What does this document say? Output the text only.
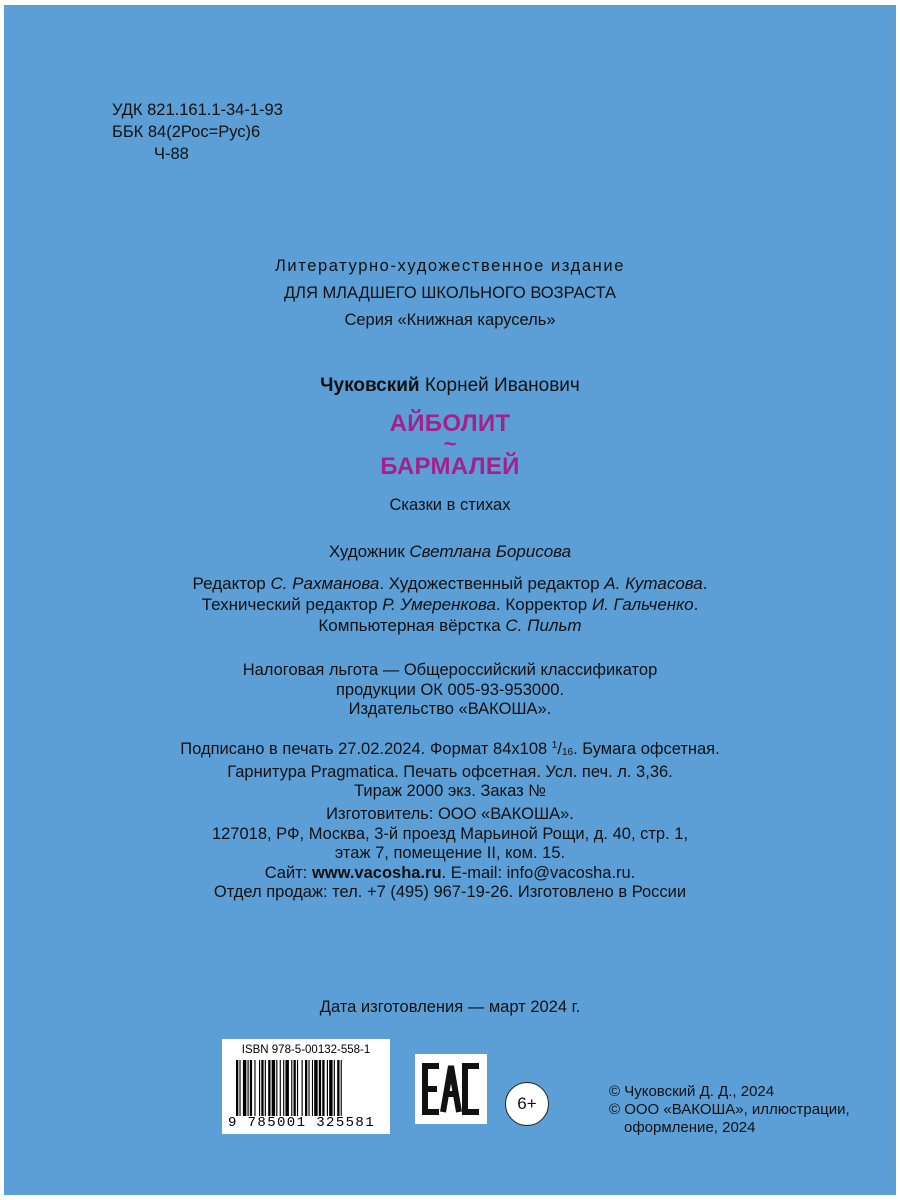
УДК 821.161.1-34-1-93
ББК 84(2Рос=Рус)6
Ч-88
Литературно-художественное издание
ДЛЯ МЛАДШЕГО ШКОЛЬНОГО ВОЗРАСТА
Серия «Книжная карусель»
Чуковский Корней Иванович
АЙБОЛИТ
~
БАРМАЛЕЙ
Сказки в стихах
Художник Светлана Борисова
Редактор С. Рахманова. Художественный редактор А. Кутасова.
Технический редактор Р. Умеренкова. Корректор И. Гальченко.
Компьютерная вёрстка С. Пильт
Налоговая льгота — Общероссийский классификатор
продукции ОК 005-93-953000.
Издательство «ВАКОША».
Подписано в печать 27.02.2024. Формат 84х108 $^1$/16. Бумага офсетная.
Гарнитура Pragmatica. Печать офсетная. Усл. печ. л. 3,36.
Тираж 2000 экз. Заказ №
Изготовитель: ООО «ВАКОША».
127018, РФ, Москва, 3-й проезд Марьиной Рощи, д. 40, стр. 1,
этаж 7, помещение II, ком. 15.
Сайт: www.vacosha.ru. E-mail: info@vacosha.ru.
Отдел продаж: тел. +7 (495) 967-19-26. Изготовлено в России
Дата изготовления — март 2024 г.
ISBN 978-5-00132-558-1
9 785001 325581
6+
© Чуковский Д. Д., 2024
© ООО «ВАКОША», иллюстрации,
оформление, 2024
